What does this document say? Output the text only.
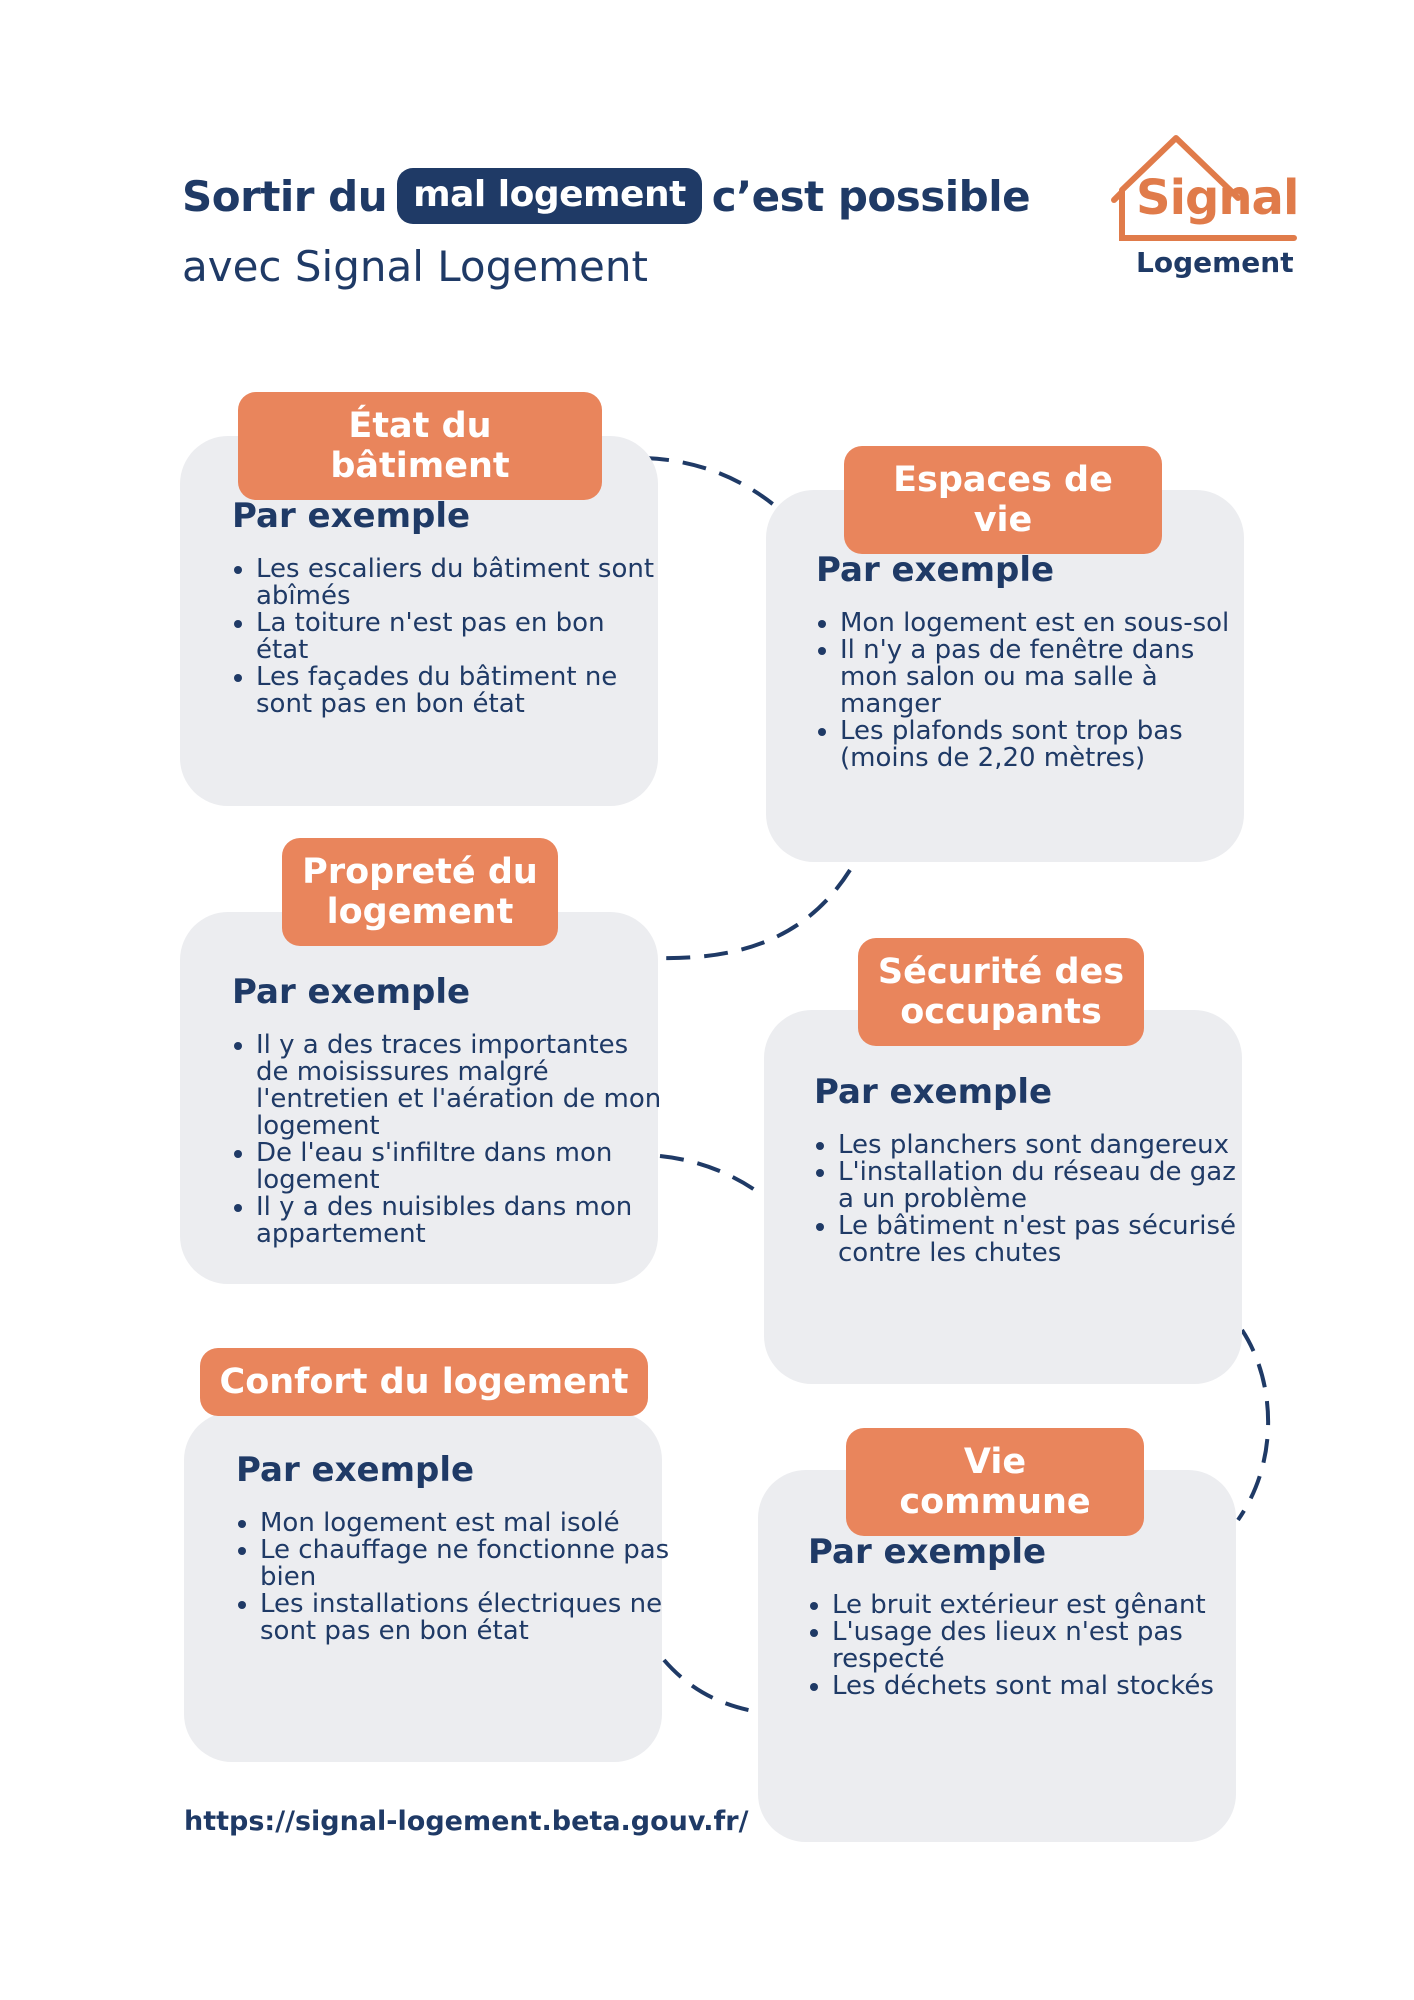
Sortir du mal logement c’est possible
avec Signal Logement
Signal
Logement
État du bâtiment
Par exemple
• Les escaliers du bâtiment sont abîmés
• La toiture n'est pas en bon état
• Les façades du bâtiment ne sont pas en bon état
Espaces de vie
Par exemple
• Mon logement est en sous-sol
• Il n'y a pas de fenêtre dans mon salon ou ma salle à manger
• Les plafonds sont trop bas (moins de 2,20 mètres)
Propreté du logement
Par exemple
• Il y a des traces importantes de moisissures malgré l'entretien et l'aération de mon logement
• De l'eau s'infiltre dans mon logement
• Il y a des nuisibles dans mon appartement
Sécurité des occupants
Par exemple
• Les planchers sont dangereux
• L'installation du réseau de gaz a un problème
• Le bâtiment n'est pas sécurisé contre les chutes
Confort du logement
Par exemple
• Mon logement est mal isolé
• Le chauffage ne fonctionne pas bien
• Les installations électriques ne sont pas en bon état
Vie commune
Par exemple
• Le bruit extérieur est gênant
• L'usage des lieux n'est pas respecté
• Les déchets sont mal stockés
https://signal-logement.beta.gouv.fr/
